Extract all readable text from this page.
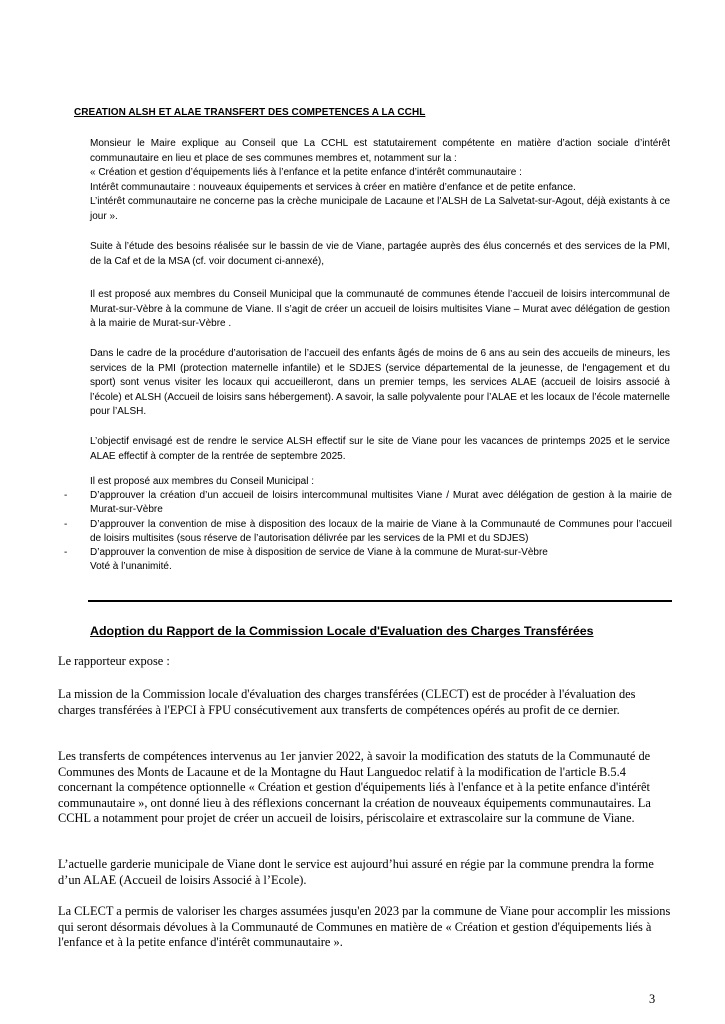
CREATION ALSH ET ALAE TRANSFERT DES COMPETENCES A LA CCHL

Monsieur le Maire explique au Conseil que La CCHL est statutairement compétente en matière d’action sociale d’intérêt communautaire en lieu et place de ses communes membres et, notamment sur la :

« Création et gestion d’équipements liés à l’enfance et la petite enfance d’intérêt communautaire :

Intérêt communautaire : nouveaux équipements et services à créer en matière d’enfance et de petite enfance.

L’intérêt communautaire ne concerne pas la crèche municipale de Lacaune et l’ALSH de La Salvetat-sur-Agout, déjà existants à ce jour ».

Suite à l’étude des besoins réalisée sur le bassin de vie de Viane, partagée auprès des élus concernés et des services de la PMI, de la Caf et de la MSA (cf. voir document ci-annexé),

Il est proposé aux membres du Conseil Municipal que la communauté de communes étende l’accueil de loisirs intercommunal de Murat-sur-Vèbre à la commune de Viane. Il s’agit de créer un accueil de loisirs multisites Viane – Murat avec délégation de gestion à la mairie de Murat-sur-Vèbre .

Dans le cadre de la procédure d’autorisation de l’accueil des enfants âgés de moins de 6 ans au sein des accueils de mineurs, les services de la PMI (protection maternelle infantile) et le SDJES (service départemental de la jeunesse, de l'engagement et du sport) sont venus visiter les locaux qui accueilleront, dans un premier temps, les services ALAE (accueil de loisirs associé à l’école) et ALSH (Accueil de loisirs sans hébergement). A savoir, la salle polyvalente pour l’ALAE et les locaux de l’école maternelle pour l’ALSH.

L’objectif envisagé est de rendre le service ALSH effectif sur le site de Viane pour les vacances de printemps 2025 et le service ALAE effectif à compter de la rentrée de septembre 2025.

Il est proposé aux membres du Conseil Municipal :

- D’approuver la création d’un accueil de loisirs intercommunal multisites Viane / Murat avec délégation de gestion à la mairie de Murat-sur-Vèbre
- D’approuver la convention de mise à disposition des locaux de la mairie de Viane à la Communauté de Communes pour l’accueil de loisirs multisites (sous réserve de l’autorisation délivrée par les services de la PMI et du SDJES)
- D’approuver la convention de mise à disposition de service de Viane à la commune de Murat-sur-Vèbre

Voté à l’unanimité.

Adoption du Rapport de la Commission Locale d'Evaluation des Charges Transférées

Le rapporteur expose :

La mission de la Commission locale d'évaluation des charges transférées (CLECT) est de procéder à l'évaluation des charges transférées à l'EPCI à FPU consécutivement aux transferts de compétences opérés au profit de ce dernier.

Les transferts de compétences intervenus au 1er janvier 2022, à savoir la modification des statuts de la Communauté de Communes des Monts de Lacaune et de la Montagne du Haut Languedoc relatif à la modification de l'article B.5.4 concernant la compétence optionnelle « Création et gestion d'équipements liés à l'enfance et à la petite enfance d'intérêt communautaire », ont donné lieu à des réflexions concernant la création de nouveaux équipements communautaires. La CCHL a notamment pour projet de créer un accueil de loisirs, périscolaire et extrascolaire sur la commune de Viane.

L’actuelle garderie municipale de Viane dont le service est aujourd’hui assuré en régie par la commune prendra la forme d’un ALAE (Accueil de loisirs Associé à l’Ecole).

La CLECT a permis de valoriser les charges assumées jusqu'en 2023 par la commune de Viane pour accomplir les missions qui seront désormais dévolues à la Communauté de Communes en matière de « Création et gestion d'équipements liés à l'enfance et à la petite enfance d'intérêt communautaire ».

3
